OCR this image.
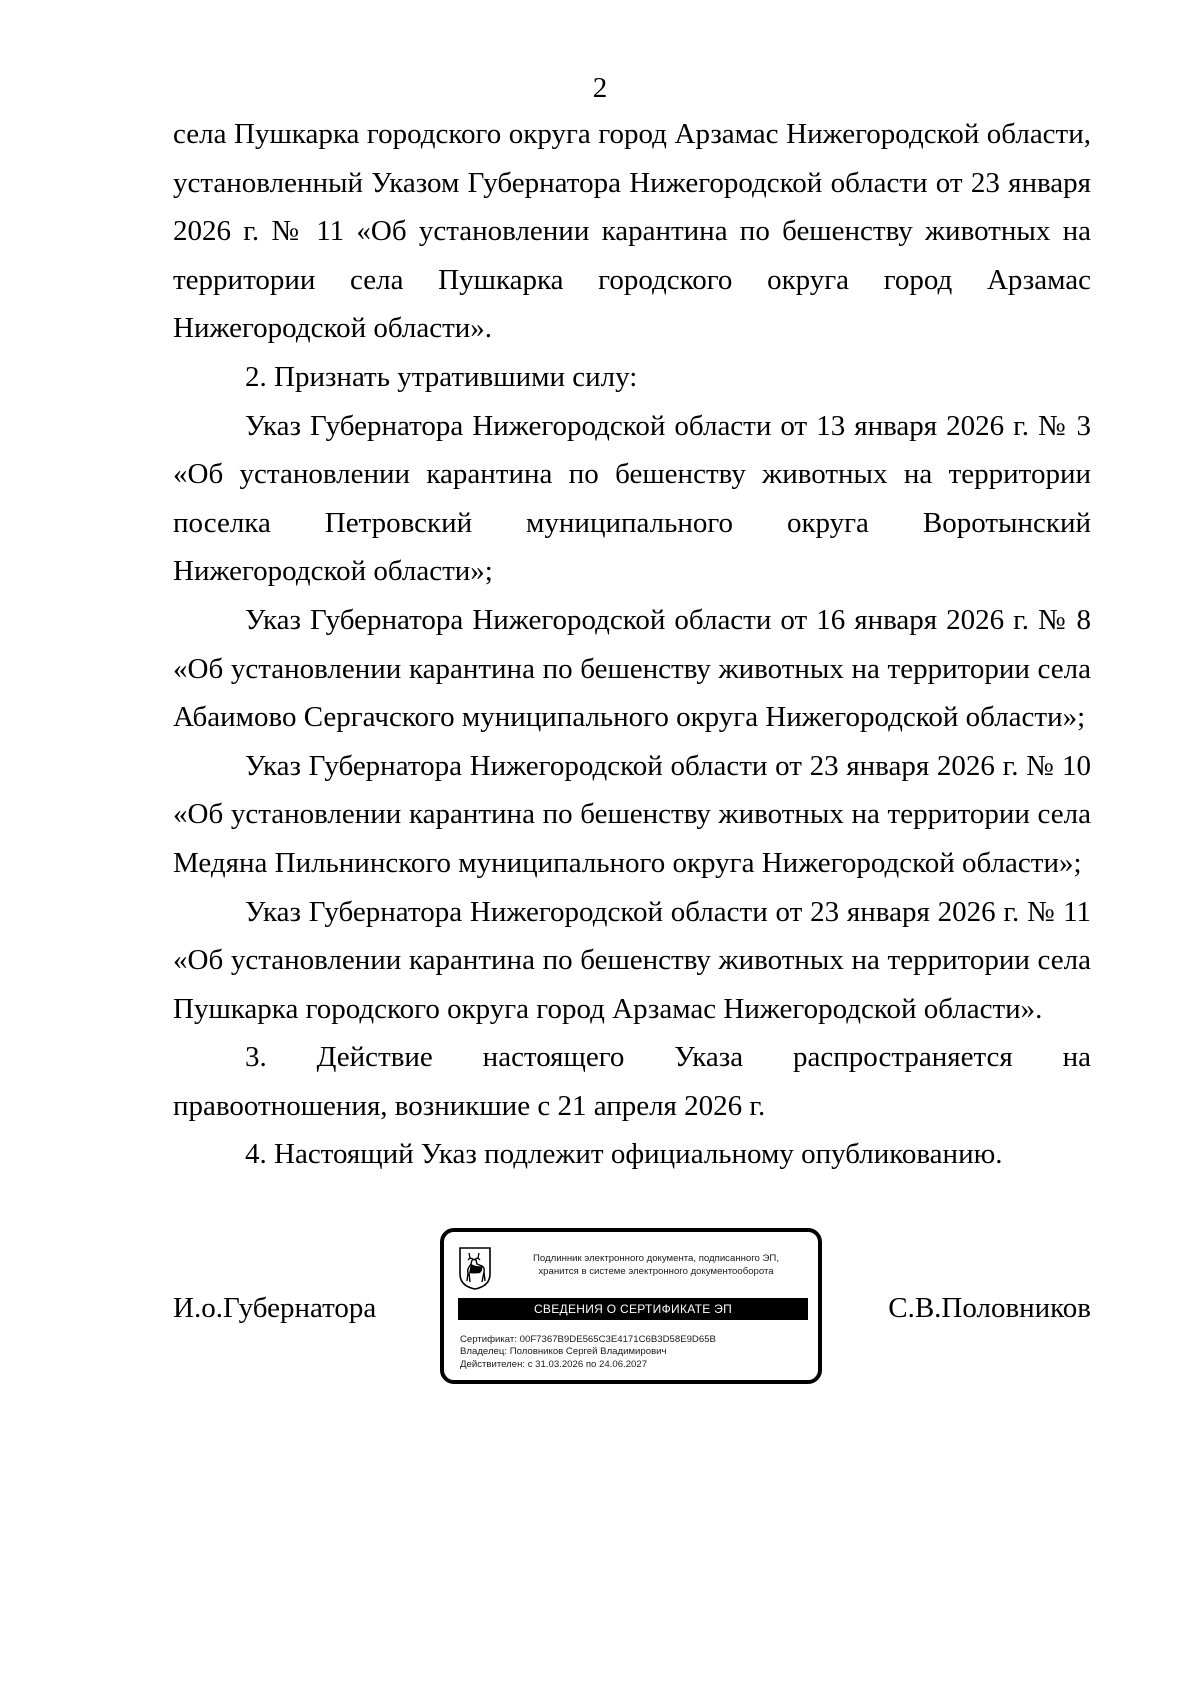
2

села Пушкарка городского округа город Арзамас Нижегородской области, установленный Указом Губернатора Нижегородской области от 23 января 2026 г. № 11 «Об установлении карантина по бешенству животных на территории села Пушкарка городского округа город Арзамас Нижегородской области».

2. Признать утратившими силу:

Указ Губернатора Нижегородской области от 13 января 2026 г. № 3 «Об установлении карантина по бешенству животных на территории поселка Петровский муниципального округа Воротынский Нижегородской области»;

Указ Губернатора Нижегородской области от 16 января 2026 г. № 8 «Об установлении карантина по бешенству животных на территории села Абаимово Сергачского муниципального округа Нижегородской области»;

Указ Губернатора Нижегородской области от 23 января 2026 г. № 10 «Об установлении карантина по бешенству животных на территории села Медяна Пильнинского муниципального округа Нижегородской области»;

Указ Губернатора Нижегородской области от 23 января 2026 г. № 11 «Об установлении карантина по бешенству животных на территории села Пушкарка городского округа город Арзамас Нижегородской области».

3. Действие настоящего Указа распространяется на правоотношения, возникшие с 21 апреля 2026 г.

4. Настоящий Указ подлежит официальному опубликованию.

И.о.Губернатора
Подлинник электронного документа, подписанного ЭП,
хранится в системе электронного документооборота
СВЕДЕНИЯ О СЕРТИФИКАТЕ ЭП
Сертификат: 00F7367B9DE565C3E4171C6B3D58E9D65B
Владелец: Половников Сергей Владимирович
Действителен: с 31.03.2026 по 24.06.2027
С.В.Половников
